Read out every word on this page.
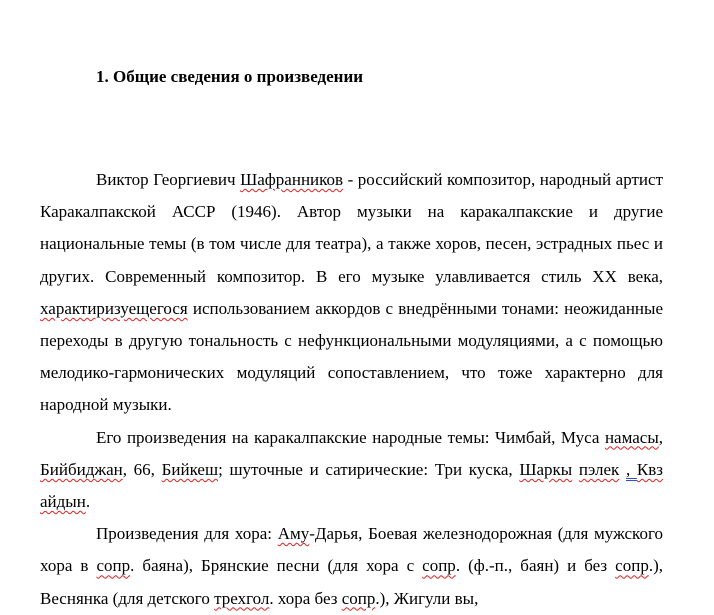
1. Общие сведения о произведении

Виктор Георгиевич Шафранников - российский композитор, народный артист Каракалпакской АССР (1946). Автор музыки на каракалпакские и другие национальные темы (в том числе для театра), а также хоров, песен, эстрадных пьес и других. Современный композитор. В его музыке улавливается стиль XX века, характиризуещегося использованием аккордов с внедрёнными тонами: неожиданные переходы в другую тональность с нефункциональными модуляциями, а с помощью мелодико-гармонических модуляций сопоставлением, что тоже характерно для народной музыки.

Его произведения на каракалпакские народные темы: Чимбай, Муса намасы, Бийбиджан, 66, Бийкеш; шуточные и сатирические: Три куска, Шаркы пэлек , Квз айдын.

Произведения для хора: Аму-Дарья, Боевая железнодорожная (для мужского хора в сопр. баяна), Брянские песни (для хора с сопр. (ф.-п., баян) и без сопр.), Веснянка (для детского трехгол. хора без сопр.), Жигули вы,
